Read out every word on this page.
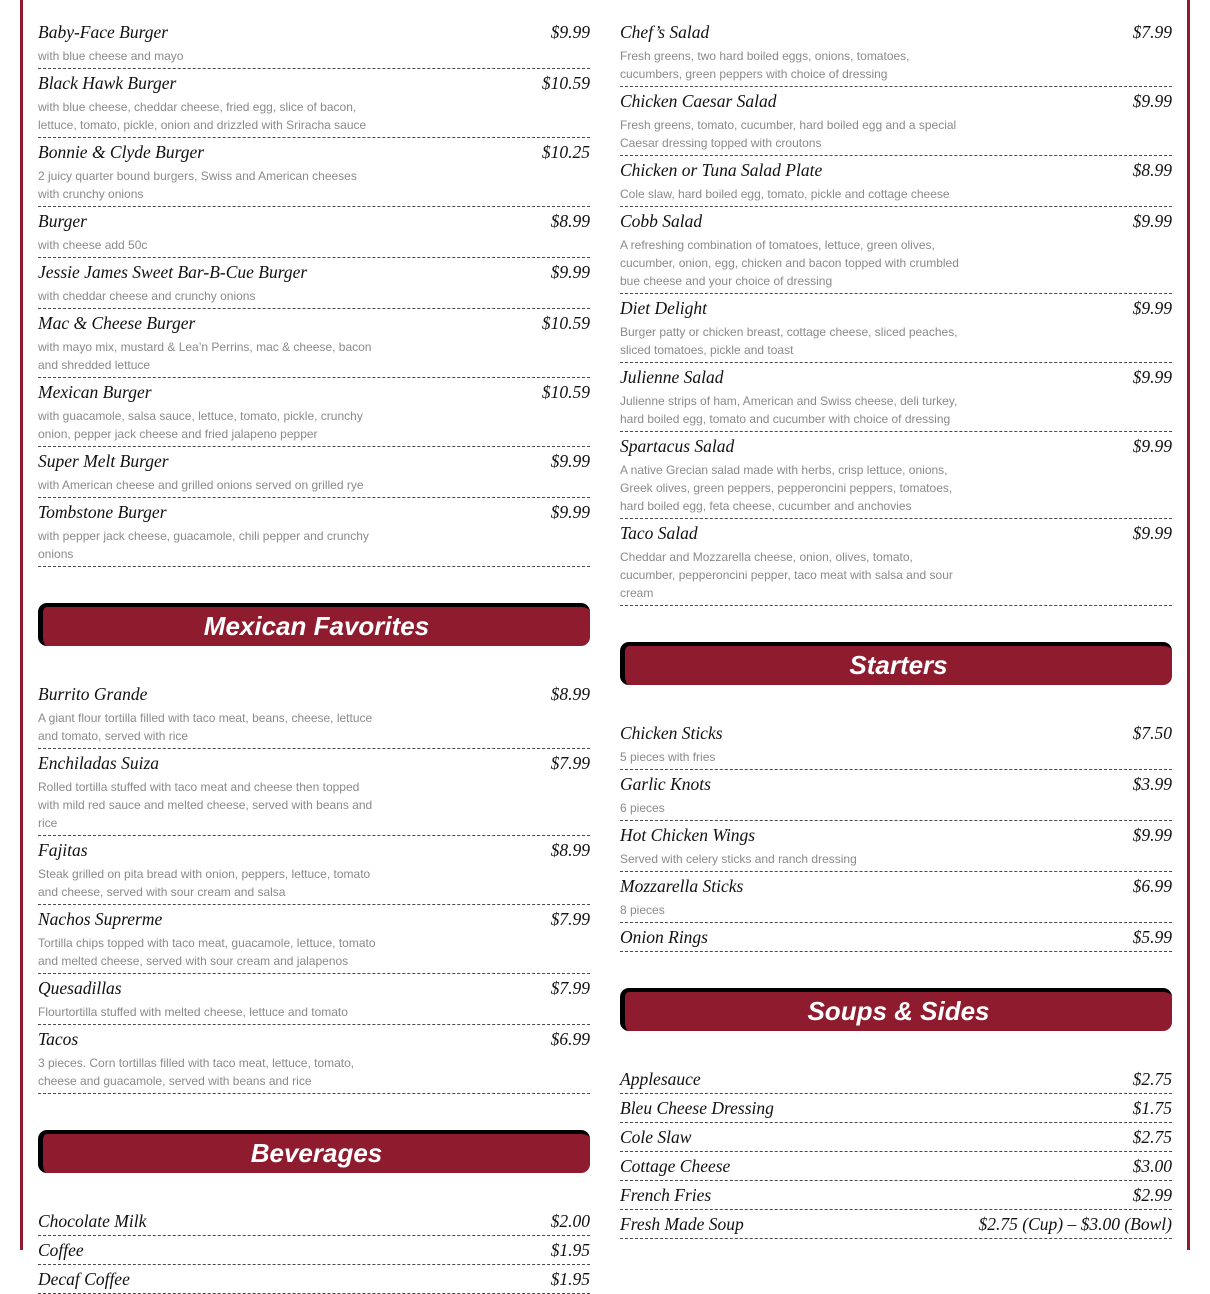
Baby-Face Burger	$9.99
with blue cheese and mayo
Black Hawk Burger	$10.59
with blue cheese, cheddar cheese, fried egg, slice of bacon, lettuce, tomato, pickle, onion and drizzled with Sriracha sauce
Bonnie & Clyde Burger	$10.25
2 juicy quarter bound burgers, Swiss and American cheeses with crunchy onions
Burger	$8.99
with cheese add 50c
Jessie James Sweet Bar-B-Cue Burger	$9.99
with cheddar cheese and crunchy onions
Mac & Cheese Burger	$10.59
with mayo mix, mustard & Lea’n Perrins, mac & cheese, bacon and shredded lettuce
Mexican Burger	$10.59
with guacamole, salsa sauce, lettuce, tomato, pickle, crunchy onion, pepper jack cheese and fried jalapeno pepper
Super Melt Burger	$9.99
with American cheese and grilled onions served on grilled rye
Tombstone Burger	$9.99
with pepper jack cheese, guacamole, chili pepper and crunchy onions
Mexican Favorites
Burrito Grande	$8.99
A giant flour tortilla filled with taco meat, beans, cheese, lettuce and tomato, served with rice
Enchiladas Suiza	$7.99
Rolled tortilla stuffed with taco meat and cheese then topped with mild red sauce and melted cheese, served with beans and rice
Fajitas	$8.99
Steak grilled on pita bread with onion, peppers, lettuce, tomato and cheese, served with sour cream and salsa
Nachos Suprerme	$7.99
Tortilla chips topped with taco meat, guacamole, lettuce, tomato and melted cheese, served with sour cream and jalapenos
Quesadillas	$7.99
Flourtortilla stuffed with melted cheese, lettuce and tomato
Tacos	$6.99
3 pieces. Corn tortillas filled with taco meat, lettuce, tomato, cheese and guacamole, served with beans and rice
Beverages
Chocolate Milk	$2.00
Coffee	$1.95
Decaf Coffee	$1.95
Chef’s Salad	$7.99
Fresh greens, two hard boiled eggs, onions, tomatoes, cucumbers, green peppers with choice of dressing
Chicken Caesar Salad	$9.99
Fresh greens, tomato, cucumber, hard boiled egg and a special Caesar dressing topped with croutons
Chicken or Tuna Salad Plate	$8.99
Cole slaw, hard boiled egg, tomato, pickle and cottage cheese
Cobb Salad	$9.99
A refreshing combination of tomatoes, lettuce, green olives, cucumber, onion, egg, chicken and bacon topped with crumbled bue cheese and your choice of dressing
Diet Delight	$9.99
Burger patty or chicken breast, cottage cheese, sliced peaches, sliced tomatoes, pickle and toast
Julienne Salad	$9.99
Julienne strips of ham, American and Swiss cheese, deli turkey, hard boiled egg, tomato and cucumber with choice of dressing
Spartacus Salad	$9.99
A native Grecian salad made with herbs, crisp lettuce, onions, Greek olives, green peppers, pepperoncini peppers, tomatoes, hard boiled egg, feta cheese, cucumber and anchovies
Taco Salad	$9.99
Cheddar and Mozzarella cheese, onion, olives, tomato, cucumber, pepperoncini pepper, taco meat with salsa and sour cream
Starters
Chicken Sticks	$7.50
5 pieces with fries
Garlic Knots	$3.99
6 pieces
Hot Chicken Wings	$9.99
Served with celery sticks and ranch dressing
Mozzarella Sticks	$6.99
8 pieces
Onion Rings	$5.99
Soups & Sides
Applesauce	$2.75
Bleu Cheese Dressing	$1.75
Cole Slaw	$2.75
Cottage Cheese	$3.00
French Fries	$2.99
Fresh Made Soup	$2.75 (Cup) – $3.00 (Bowl)
